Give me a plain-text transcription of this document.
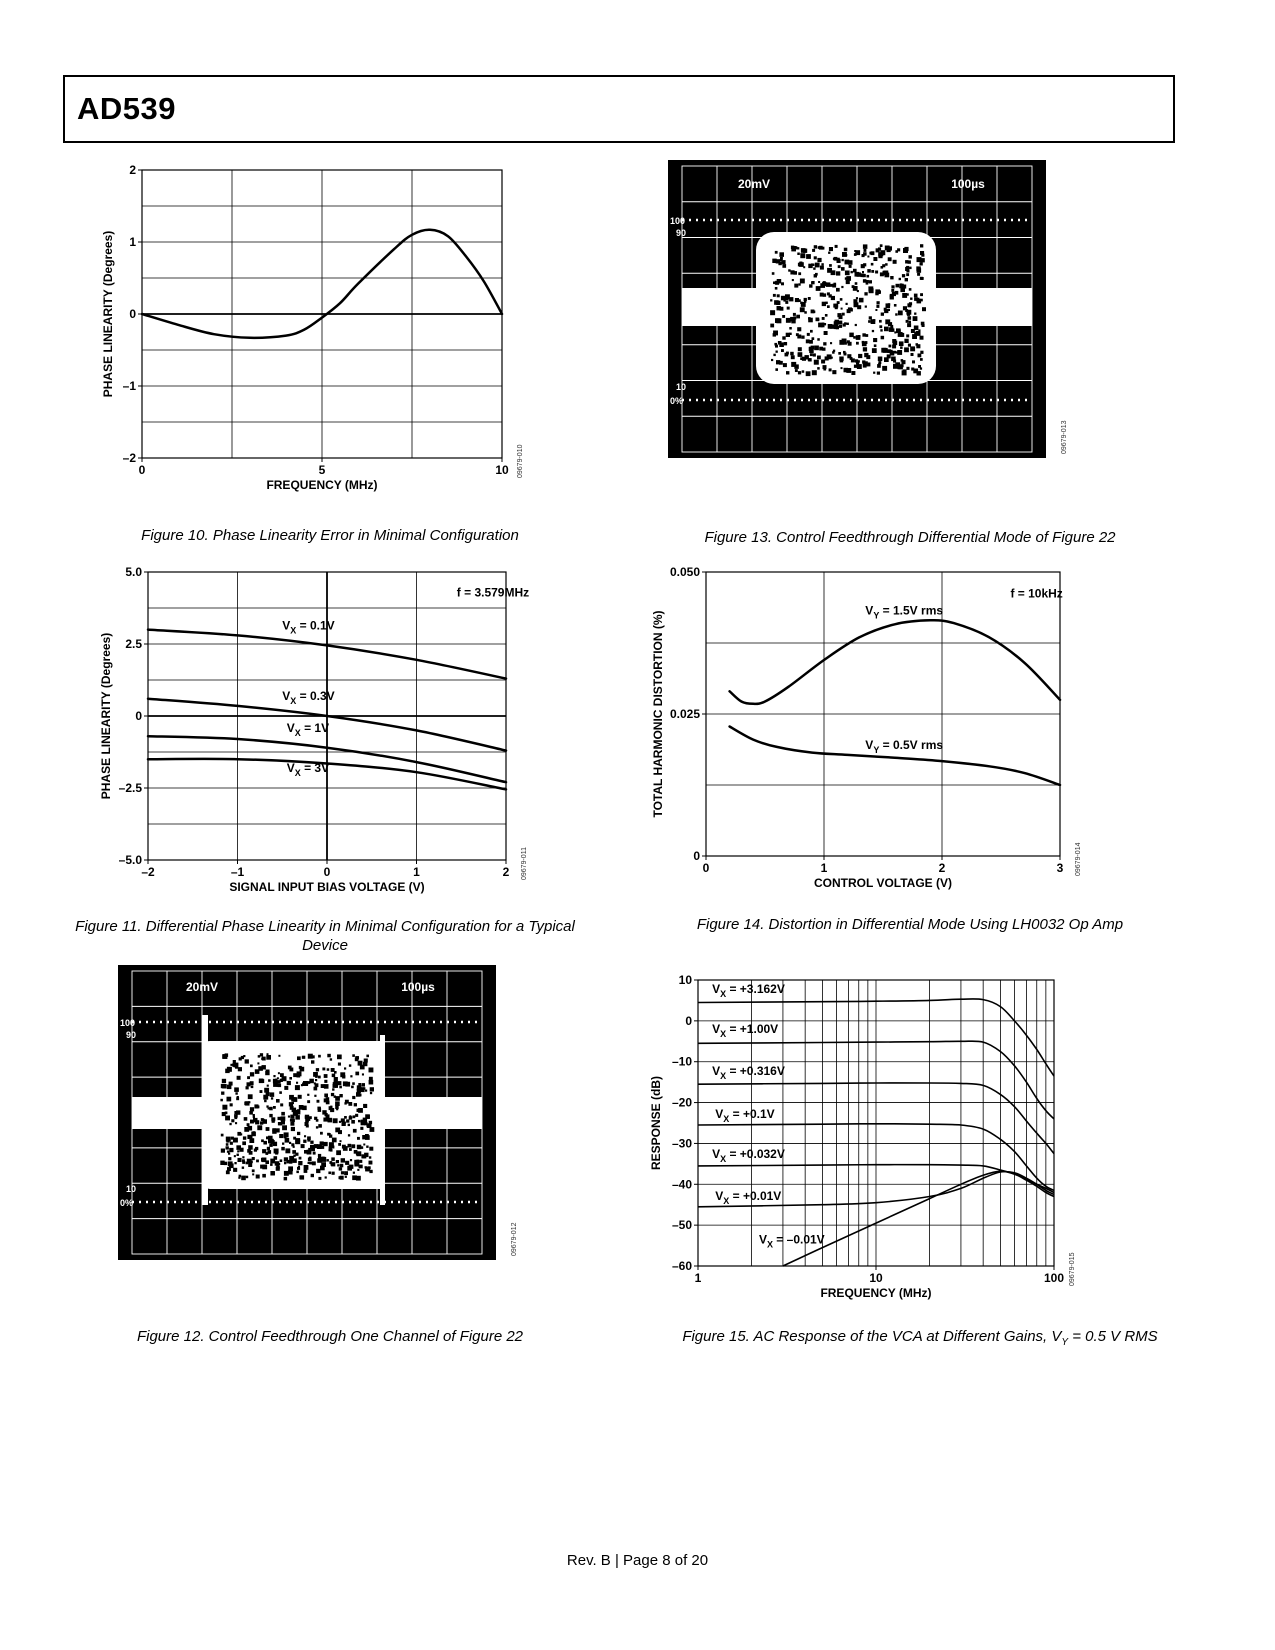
AD539
0	5	10
2
1
0
–1
–2
FREQUENCY (MHz)
PHASE LINEARITY (Degrees)
09679-010
Figure 10. Phase Linearity Error in Minimal Configuration
20mV	100µs
100
90
10
0%
09679-013
Figure 13. Control Feedthrough Differential Mode of Figure 22
–2	–1	0	1	2
5.0
2.5
0
–2.5
–5.0
SIGNAL INPUT BIAS VOLTAGE (V)
PHASE LINEARITY (Degrees)
f = 3.579MHz
$V_X = 0.1V$
$V_X = 0.3V$
$V_X = 1V$
$V_X = 3V$
09679-011
Figure 11. Differential Phase Linearity in Minimal Configuration for a Typical
Device
0	1	2	3
0.050
0.025
0
CONTROL VOLTAGE (V)
TOTAL HARMONIC DISTORTION (%)
f = 10kHz
$V_Y = 1.5V$ rms
$V_Y = 0.5V$ rms
09679-014
Figure 14. Distortion in Differential Mode Using LH0032 Op Amp
20mV	100µs
100
90
10
0%
09679-012
Figure 12. Control Feedthrough One Channel of Figure 22
1	10	100
10
0
–10
–20
–30
–40
–50
–60
FREQUENCY (MHz)
RESPONSE (dB)
$V_X = +3.162V$
$V_X = +1.00V$
$V_X = +0.316V$
$V_X = +0.1V$
$V_X = +0.032V$
$V_X = +0.01V$
$V_X = -0.01V$
09679-015
Figure 15. AC Response of the VCA at Different Gains, $V_Y = 0.5$ V RMS
Rev. B | Page 8 of 20
